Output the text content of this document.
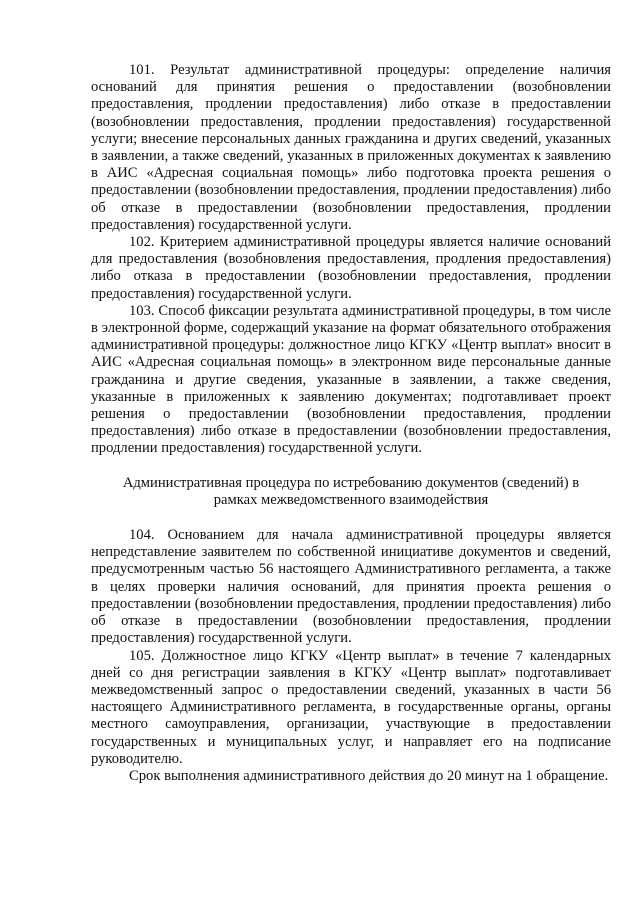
101. Результат административной процедуры: определение наличия оснований для принятия решения о предоставлении (возобновлении предоставления, продлении предоставления) либо отказе в предоставлении (возобновлении предоставления, продлении предоставления) государственной услуги; внесение персональных данных гражданина и других сведений, указанных в заявлении, а также сведений, указанных в приложенных документах к заявлению в АИС «Адресная социальная помощь» либо подготовка проекта решения о предоставлении (возобновлении предоставления, продлении предоставления) либо об отказе в предоставлении (возобновлении предоставления, продлении предоставления) государственной услуги.

102. Критерием административной процедуры является наличие оснований для предоставления (возобновления предоставления, продления предоставления) либо отказа в предоставлении (возобновлении предоставления, продлении предоставления) государственной услуги.

103. Способ фиксации результата административной процедуры, в том числе в электронной форме, содержащий указание на формат обязательного отображения административной процедуры: должностное лицо КГКУ «Центр выплат» вносит в АИС «Адресная социальная помощь» в электронном виде персональные данные гражданина и другие сведения, указанные в заявлении, а также сведения, указанные в приложенных к заявлению документах; подготавливает проект решения о предоставлении (возобновлении предоставления, продлении предоставления) либо отказе в предоставлении (возобновлении предоставления, продлении предоставления) государственной услуги.

Административная процедура по истребованию документов (сведений) в рамках межведомственного взаимодействия

104. Основанием для начала административной процедуры является непредставление заявителем по собственной инициативе документов и сведений, предусмотренным частью 56 настоящего Административного регламента, а также в целях проверки наличия оснований, для принятия проекта решения о предоставлении (возобновлении предоставления, продлении предоставления) либо об отказе в предоставлении (возобновлении предоставления, продлении предоставления) государственной услуги.

105. Должностное лицо КГКУ «Центр выплат» в течение 7 календарных дней со дня регистрации заявления в КГКУ «Центр выплат» подготавливает межведомственный запрос о предоставлении сведений, указанных в части 56 настоящего Административного регламента, в государственные органы, органы местного самоуправления, организации, участвующие в предоставлении государственных и муниципальных услуг, и направляет его на подписание руководителю.

Срок выполнения административного действия до 20 минут на 1 обращение.
